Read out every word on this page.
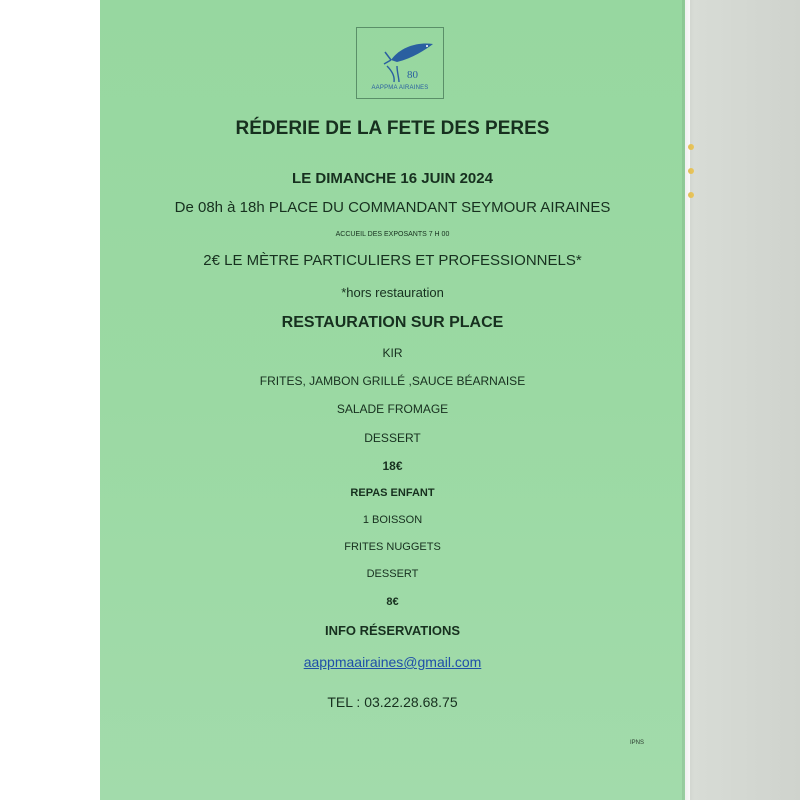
80
AAPPMA AIRAINES
RÉDERIE DE LA FETE DES PERES
LE DIMANCHE 16 JUIN 2024
De 08h à 18h PLACE DU COMMANDANT SEYMOUR AIRAINES
ACCUEIL DES EXPOSANTS 7 H 00
2€ LE MÈTRE PARTICULIERS ET PROFESSIONNELS*
*hors restauration
RESTAURATION SUR PLACE
KIR
FRITES, JAMBON GRILLÉ ,SAUCE BÉARNAISE
SALADE FROMAGE
DESSERT
18€
REPAS ENFANT
1 BOISSON
FRITES NUGGETS
DESSERT
8€
INFO RÉSERVATIONS
aappmaairaines@gmail.com
TEL : 03.22.28.68.75
IPNS
